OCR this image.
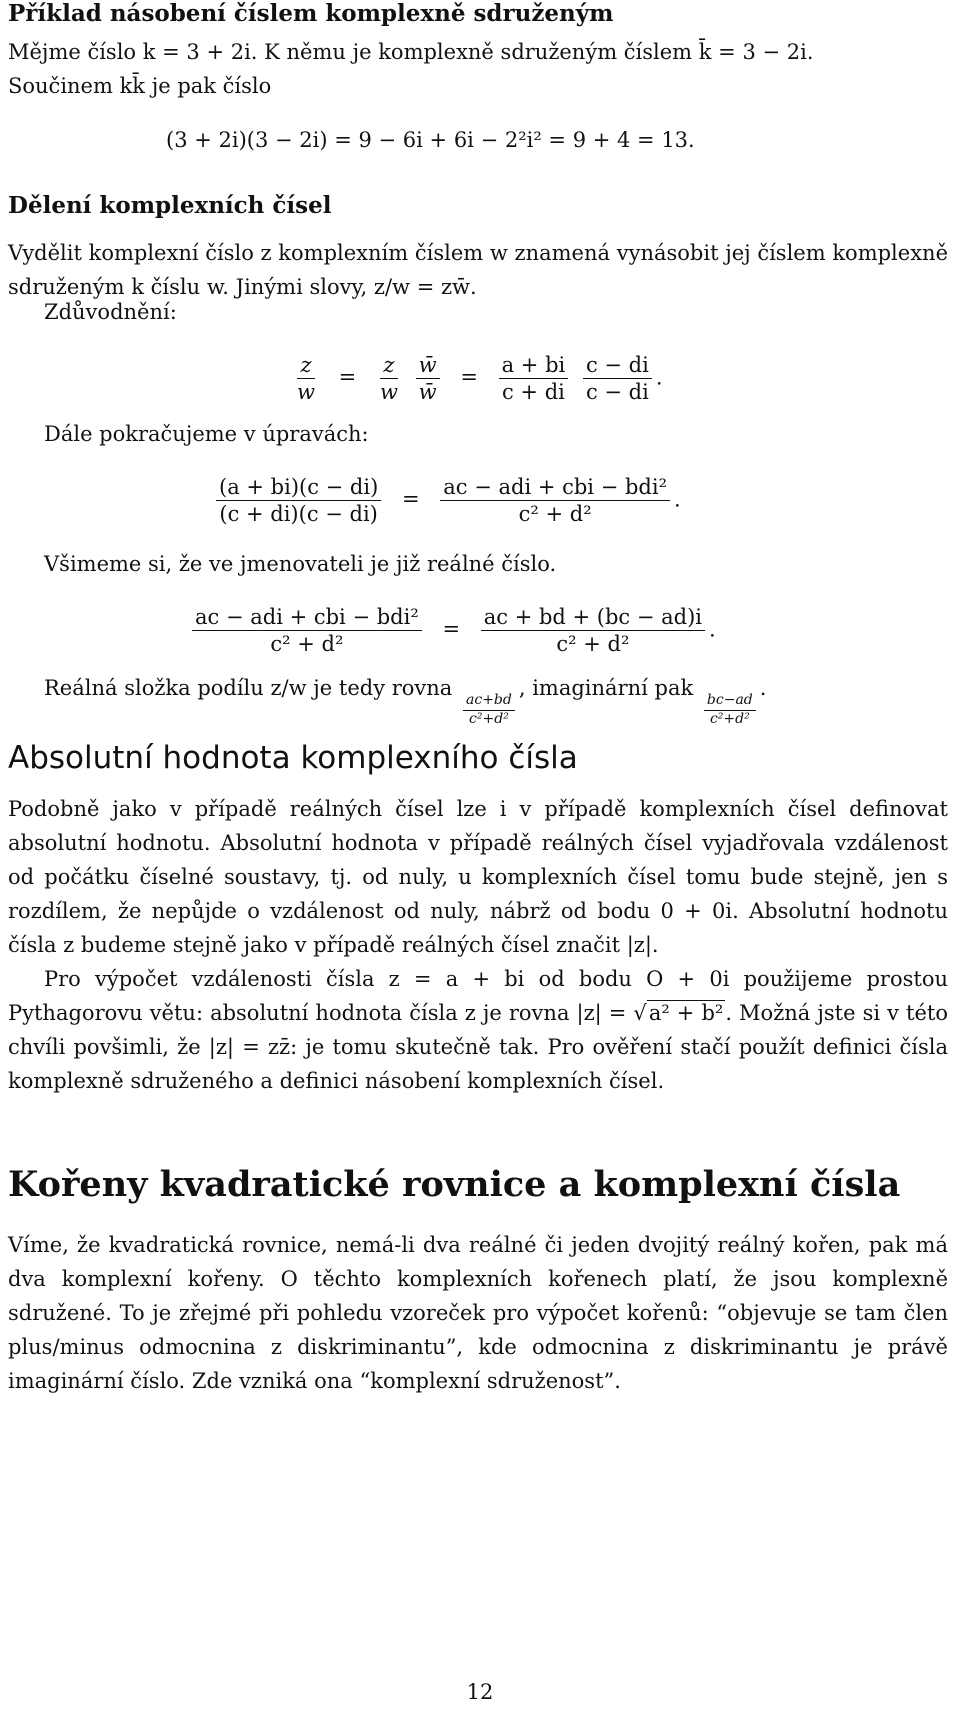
Příklad násobení číslem komplexně sdruženým
Mějme číslo k = 3 + 2i. K němu je komplexně sdruženým číslem k̄ = 3 − 2i.
Součinem kk̄ je pak číslo
(3 + 2i)(3 − 2i) = 9 − 6i + 6i − 2²i² = 9 + 4 = 13.
Dělení komplexních čísel
Vydělit komplexní číslo z komplexním číslem w znamená vynásobit jej číslem komplexně sdruženým k číslu w. Jinými slovy, z/w = zw̄.
Zdůvodnění:
$\frac{z}{w} = \frac{z}{w}$
$\frac{w̄}{w̄} = \frac{a + bi}{c + di}$
$\frac{c - di}{c - di}$ .
Dále pokračujeme v úpravách:
$\frac{(a + bi)(c - di)}{(c + di)(c - di)} = \frac{\text{ac − adi + cbi − bdi²}}{\text{c² + d²}}$ .
Všimeme si, že ve jmenovateli je již reálné číslo.
$\frac{\text{ac − adi + cbi − bdi²}}{\text{c² + d²}} = \frac{ac + bd + (bc - ad)i}{\text{c² + d²}}$ .
Reálná složka podílu z/w je tedy rovna
$\frac{ac+bd}{\text{c²+d²}}$
, imaginární pak
$\frac{bc-ad}{\text{c²+d²}}$
.
Absolutní hodnota komplexního čísla
Podobně jako v případě reálných čísel lze i v případě komplexních čísel definovat absolutní hodnotu. Absolutní hodnota v případě reálných čísel vyjadřovala vzdálenost od počátku číselné soustavy, tj. od nuly, u komplexních čísel tomu bude stejně, jen s rozdílem, že nepůjde o vzdálenost od nuly, nábrž od bodu 0 + 0i. Absolutní hodnotu čísla z budeme stejně jako v případě reálných čísel značit |z|.
Pro výpočet vzdálenosti čísla z = a + bi od bodu O + 0i použijeme prostou Pythagorovu větu: absolutní hodnota čísla z je rovna |z| = √a² + b². Možná jste si v této chvíli povšimli, že |z| = zz̄: je tomu skutečně tak. Pro ověření stačí použít definici čísla komplexně sdruženého a definici násobení komplexních čísel.
Kořeny kvadratické rovnice a komplexní čísla
Víme, že kvadratická rovnice, nemá-li dva reálné či jeden dvojitý reálný kořen, pak má dva komplexní kořeny. O těchto komplexních kořenech platí, že jsou komplexně sdružené. To je zřejmé při pohledu vzoreček pro výpočet kořenů: “objevuje se tam člen plus/minus odmocnina z diskriminantu”, kde odmocnina z diskriminantu je právě imaginární číslo. Zde vzniká ona “komplexní sdruženost”.
12
